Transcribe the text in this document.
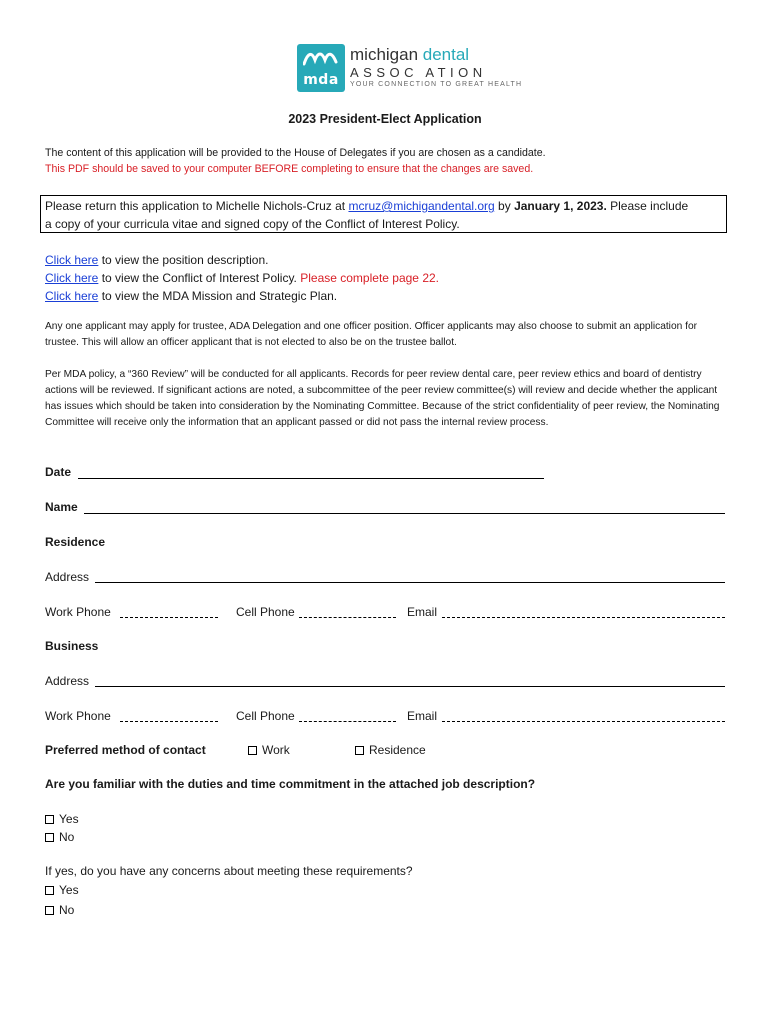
mda
michigan dental
ASSOC ATION
YOUR CONNECTION TO GREAT HEALTH
2023 President-Elect Application
The content of this application will be provided to the House of Delegates if you are chosen as a candidate.
This PDF should be saved to your computer BEFORE completing to ensure that the changes are saved.
Please return this application to Michelle Nichols-Cruz at mcruz@michigandental.org by January 1, 2023. Please include
a copy of your curricula vitae and signed copy of the Conflict of Interest Policy.
Click here to view the position description.
Click here to view the Conflict of Interest Policy. Please complete page 22.
Click here to view the MDA Mission and Strategic Plan.
Any one applicant may apply for trustee, ADA Delegation and one officer position. Officer applicants may also choose to submit an application for trustee. This will allow an officer applicant that is not elected to also be on the trustee ballot.
Per MDA policy, a “360 Review” will be conducted for all applicants. Records for peer review dental care, peer review ethics and board of dentistry actions will be reviewed. If significant actions are noted, a subcommittee of the peer review committee(s) will review and decide whether the applicant has issues which should be taken into consideration by the Nominating Committee. Because of the strict confidentiality of peer review, the Nominating Committee will receive only the information that an applicant passed or did not pass the internal review process.
Date
Name
Residence
Address
Work Phone	Cell Phone	Email
Business
Address
Work Phone	Cell Phone	Email
Preferred method of contact	Work	Residence
Are you familiar with the duties and time commitment in the attached job description?
Yes
No
If yes, do you have any concerns about meeting these requirements?
Yes
No
